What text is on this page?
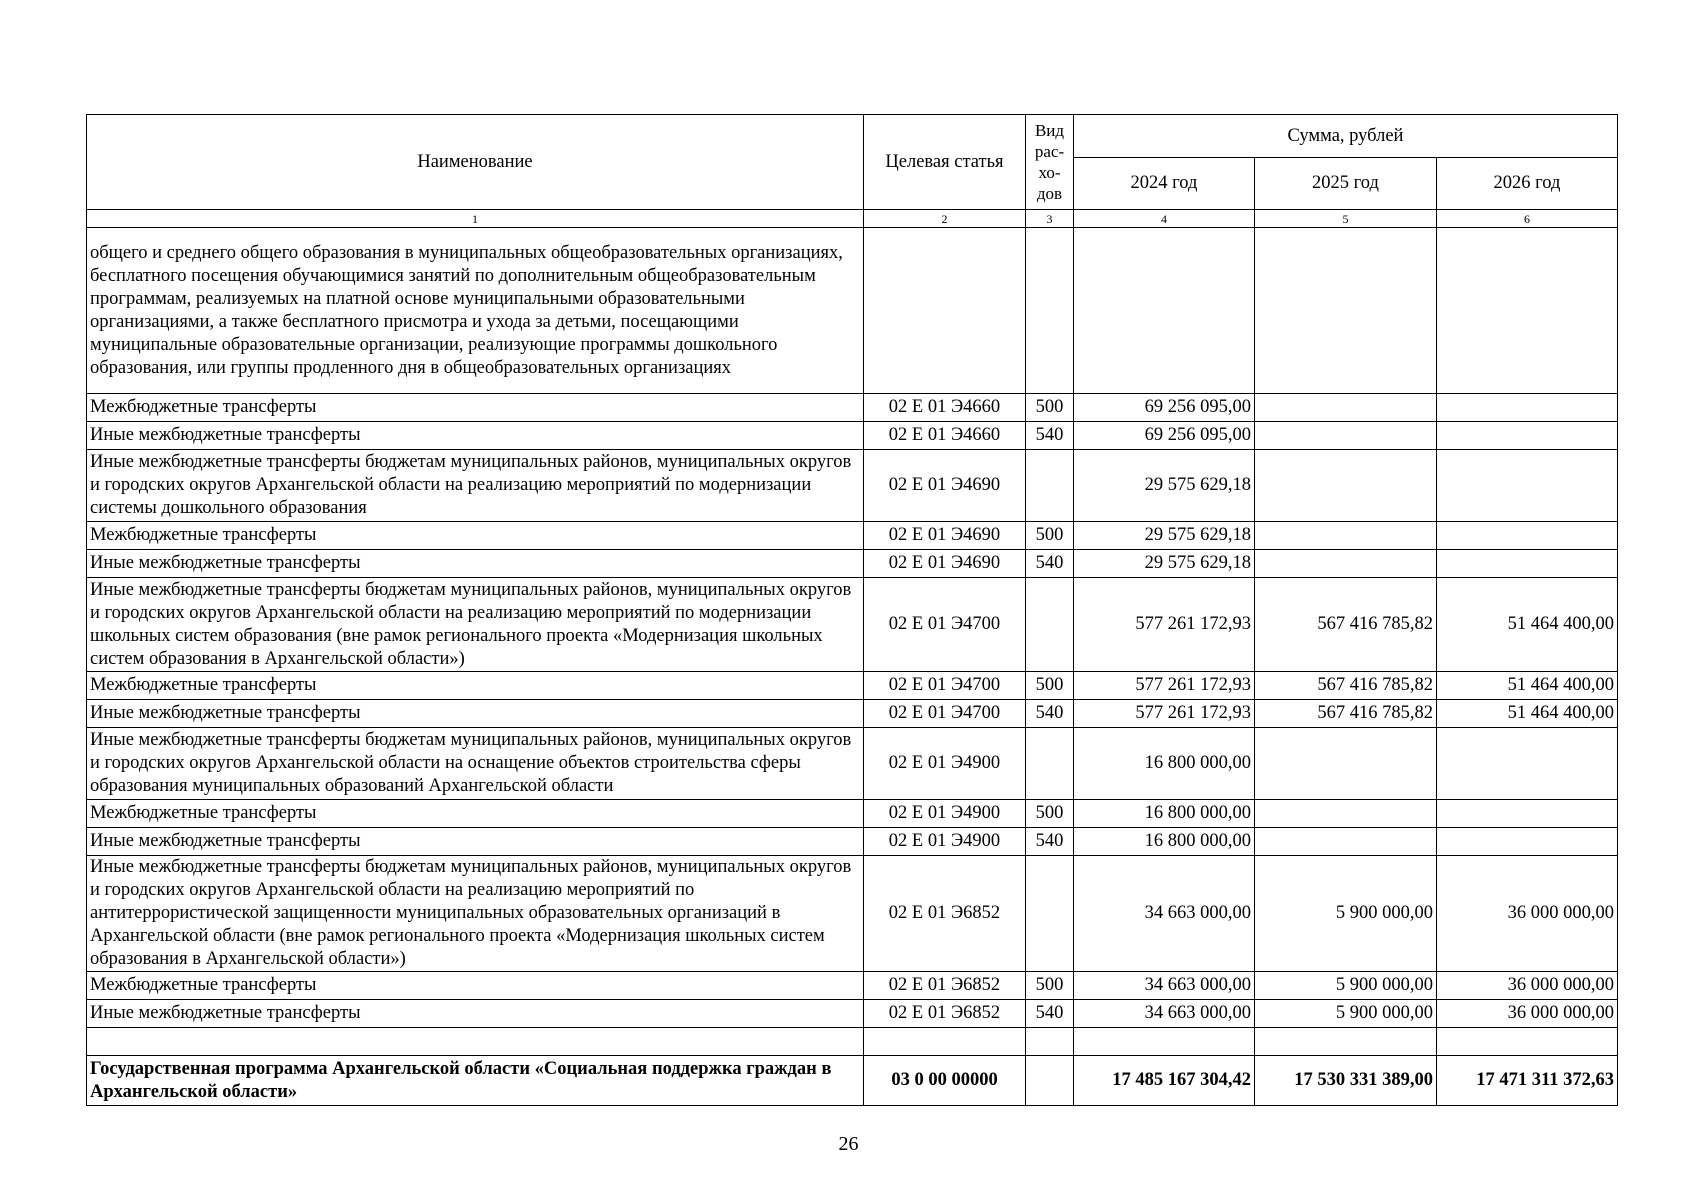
Наименование	Целевая статья	Вид рас-хо-дов	Сумма, рублей		
			2024 год	2025 год	2026 год
1	2	3	4	5	6
общего и среднего общего образования в муниципальных общеобразовательных организациях, бесплатного посещения обучающимися занятий по дополнительным общеобразовательным программам, реализуемых на платной основе муниципальными образовательными организациями, а также бесплатного присмотра и ухода за детьми, посещающими муниципальные образовательные организации, реализующие программы дошкольного образования, или группы продленного дня в общеобразовательных организациях					
Межбюджетные трансферты	02 Е 01 Э4660	500	69 256 095,00		
Иные межбюджетные трансферты	02 Е 01 Э4660	540	69 256 095,00		
Иные межбюджетные трансферты бюджетам муниципальных районов, муниципальных округов и городских округов Архангельской области на реализацию мероприятий по модернизации системы дошкольного образования	02 Е 01 Э4690		29 575 629,18		
Межбюджетные трансферты	02 Е 01 Э4690	500	29 575 629,18		
Иные межбюджетные трансферты	02 Е 01 Э4690	540	29 575 629,18		
Иные межбюджетные трансферты бюджетам муниципальных районов, муниципальных округов и городских округов Архангельской области на реализацию мероприятий по модернизации школьных систем образования (вне рамок регионального проекта «Модернизация школьных систем образования в Архангельской области»)	02 Е 01 Э4700		577 261 172,93	567 416 785,82	51 464 400,00
Межбюджетные трансферты	02 Е 01 Э4700	500	577 261 172,93	567 416 785,82	51 464 400,00
Иные межбюджетные трансферты	02 Е 01 Э4700	540	577 261 172,93	567 416 785,82	51 464 400,00
Иные межбюджетные трансферты бюджетам муниципальных районов, муниципальных округов и городских округов Архангельской области на оснащение объектов строительства сферы образования муниципальных образований Архангельской области	02 Е 01 Э4900		16 800 000,00		
Межбюджетные трансферты	02 Е 01 Э4900	500	16 800 000,00		
Иные межбюджетные трансферты	02 Е 01 Э4900	540	16 800 000,00		
Иные межбюджетные трансферты бюджетам муниципальных районов, муниципальных округов и городских округов Архангельской области на реализацию мероприятий по антитеррористической защищенности муниципальных образовательных организаций в Архангельской области (вне рамок регионального проекта «Модернизация школьных систем образования в Архангельской области»)	02 Е 01 Э6852		34 663 000,00	5 900 000,00	36 000 000,00
Межбюджетные трансферты	02 Е 01 Э6852	500	34 663 000,00	5 900 000,00	36 000 000,00
Иные межбюджетные трансферты	02 Е 01 Э6852	540	34 663 000,00	5 900 000,00	36 000 000,00

Государственная программа Архангельской области «Социальная поддержка граждан в Архангельской области»	03 0 00 00000		17 485 167 304,42	17 530 331 389,00	17 471 311 372,63
26
